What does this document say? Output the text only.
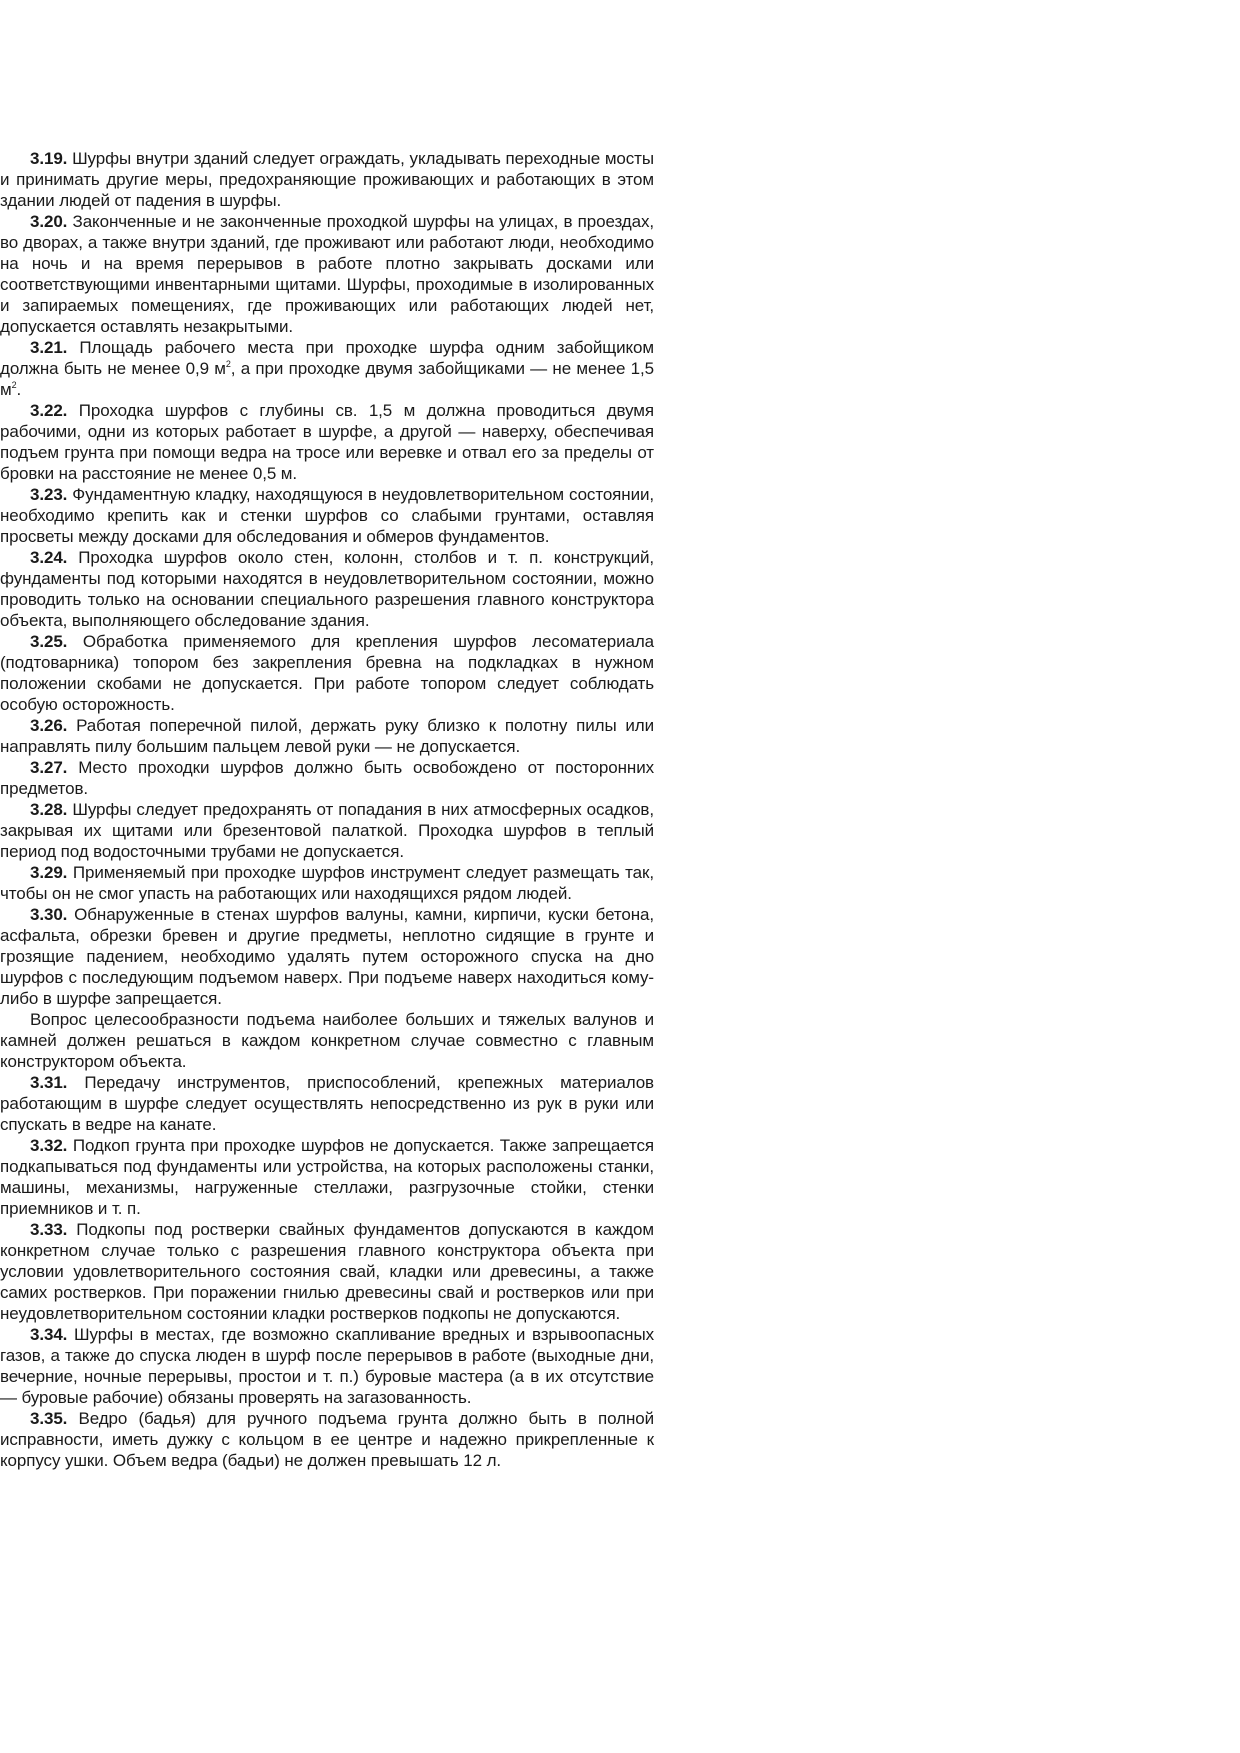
3.19. Шурфы внутри зданий следует ограждать, укладывать переходные мосты и принимать другие меры, предохраняющие проживающих и работающих в этом здании людей от падения в шурфы.

3.20. Законченные и не законченные проходкой шурфы на улицах, в проездах, во дворах, а также внутри зданий, где проживают или работают люди, необходимо на ночь и на время перерывов в работе плотно закрывать досками или соответствующими инвентарными щитами. Шурфы, проходимые в изолированных и запираемых помещениях, где проживающих или работающих людей нет, допускается оставлять незакрытыми.

3.21. Площадь рабочего места при проходке шурфа одним забойщиком должна быть не менее 0,9 $м^2$, а при проходке двумя забойщиками — не менее 1,5 $м^2$.

3.22. Проходка шурфов с глубины св. 1,5 м должна проводиться двумя рабочими, одни из которых работает в шурфе, а другой — наверху, обеспечивая подъем грунта при помощи ведра на тросе или веревке и отвал его за пределы от бровки на расстояние не менее 0,5 м.

3.23. Фундаментную кладку, находящуюся в неудовлетворительном состоянии, необходимо крепить как и стенки шурфов со слабыми грунтами, оставляя просветы между досками для обследования и обмеров фундаментов.

3.24. Проходка шурфов около стен, колонн, столбов и т. п. конструкций, фундаменты под которыми находятся в неудовлетворительном состоянии, можно проводить только на основании специального разрешения главного конструктора объекта, выполняющего обследование здания.

3.25. Обработка применяемого для крепления шурфов лесоматериала (подтоварника) топором без закрепления бревна на подкладках в нужном положении скобами не допускается. При работе топором следует соблюдать особую осторожность.

3.26. Работая поперечной пилой, держать руку близко к полотну пилы или направлять пилу большим пальцем левой руки — не допускается.

3.27. Место проходки шурфов должно быть освобождено от посторонних предметов.

3.28. Шурфы следует предохранять от попадания в них атмосферных осадков, закрывая их щитами или брезентовой палаткой. Проходка шурфов в теплый период под водосточными трубами не допускается.

3.29. Применяемый при проходке шурфов инструмент следует размещать так, чтобы он не смог упасть на работающих или находящихся рядом людей.

3.30. Обнаруженные в стенах шурфов валуны, камни, кирпичи, куски бетона, асфальта, обрезки бревен и другие предметы, неплотно сидящие в грунте и грозящие падением, необходимо удалять путем осторожного спуска на дно шурфов с последующим подъемом наверх. При подъеме наверх находиться кому-либо в шурфе запрещается.

Вопрос целесообразности подъема наиболее больших и тяжелых валунов и камней должен решаться в каждом конкретном случае совместно с главным конструктором объекта.

3.31. Передачу инструментов, приспособлений, крепежных материалов работающим в шурфе следует осуществлять непосредственно из рук в руки или спускать в ведре на канате.

3.32. Подкоп грунта при проходке шурфов не допускается. Также запрещается подкапываться под фундаменты или устройства, на которых расположены станки, машины, механизмы, нагруженные стеллажи, разгрузочные стойки, стенки приемников и т. п.

3.33. Подкопы под ростверки свайных фундаментов допускаются в каждом конкретном случае только с разрешения главного конструктора объекта при условии удовлетворительного состояния свай, кладки или древесины, а также самих ростверков. При поражении гнилью древесины свай и ростверков или при неудовлетворительном состоянии кладки ростверков подкопы не допускаются.

3.34. Шурфы в местах, где возможно скапливание вредных и взрывоопасных газов, а также до спуска люден в шурф после перерывов в работе (выходные дни, вечерние, ночные перерывы, простои и т. п.) буровые мастера (а в их отсутствие — буровые рабочие) обязаны проверять на загазованность.

3.35. Ведро (бадья) для ручного подъема грунта должно быть в полной исправности, иметь дужку с кольцом в ее центре и надежно прикрепленные к корпусу ушки. Объем ведра (бадьи) не должен превышать 12 л.
